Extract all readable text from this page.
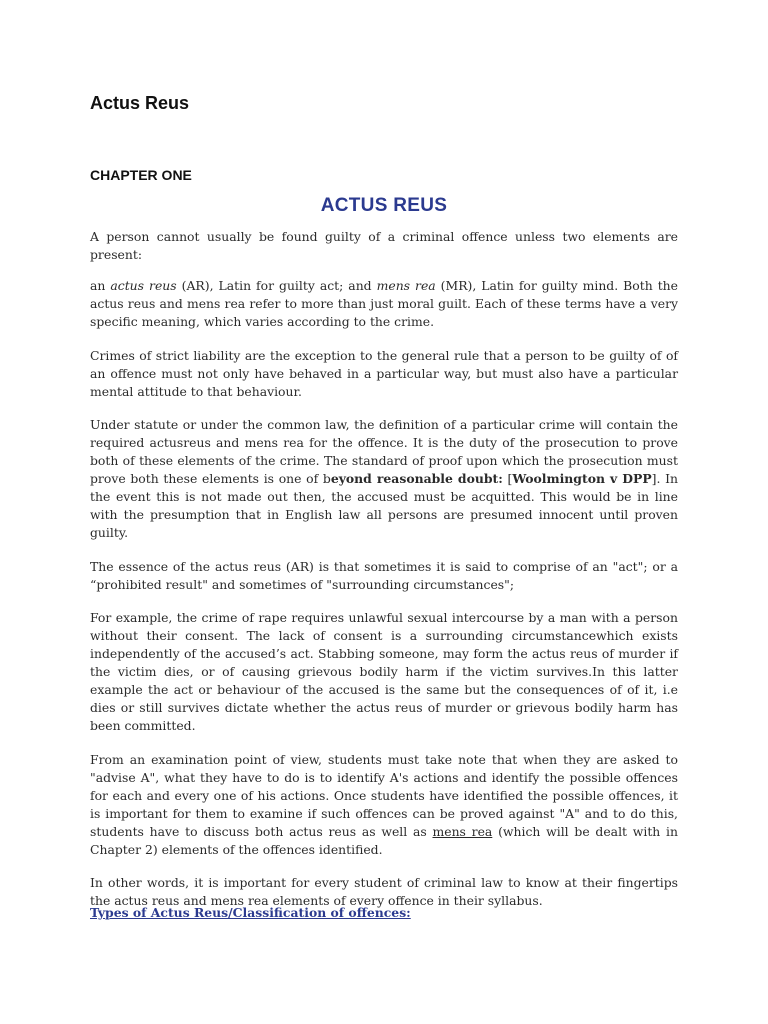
Actus Reus
CHAPTER ONE
ACTUS REUS

A person cannot usually be found guilty of a criminal offence unless two elements are present:

an actus reus (AR), Latin for guilty act; and mens rea (MR), Latin for guilty mind. Both the actus reus and mens rea refer to more than just moral guilt. Each of these terms have a very specific meaning, which varies according to the crime.

Crimes of strict liability are the exception to the general rule that a person to be guilty of of an offence must not only have behaved in a particular way, but must also have a particular mental attitude to that behaviour.

Under statute or under the common law, the definition of a particular crime will contain the required actusreus and mens rea for the offence. It is the duty of the prosecution to prove both of these elements of the crime. The standard of proof upon which the prosecution must prove both these elements is one of beyond reasonable doubt: [Woolmington v DPP]. In the event this is not made out then, the accused must be acquitted. This would be in line with the presumption that in English law all persons are presumed innocent until proven guilty.

The essence of the actus reus (AR) is that sometimes it is said to comprise of an "act"; or a “prohibited result" and sometimes of "surrounding circumstances";

For example, the crime of rape requires unlawful sexual intercourse by a man with a person without their consent. The lack of consent is a surrounding circumstancewhich exists independently of the accused’s act. Stabbing someone, may form the actus reus of murder if the victim dies, or of causing grievous bodily harm if the victim survives.In this latter example the act or behaviour of the accused is the same but the consequences of of it, i.e dies or still survives dictate whether the actus reus of murder or grievous bodily harm has been committed.

From an examination point of view, students must take note that when they are asked to "advise A", what they have to do is to identify A's actions and identify the possible offences for each and every one of his actions. Once students have identified the possible offences, it is important for them to examine if such offences can be proved against "A" and to do this, students have to discuss both actus reus as well as mens rea (which will be dealt with in Chapter 2) elements of the offences identified.

In other words, it is important for every student of criminal law to know at their fingertips the actus reus and mens rea elements of every offence in their syllabus.

Types of Actus Reus/Classification of offences:
